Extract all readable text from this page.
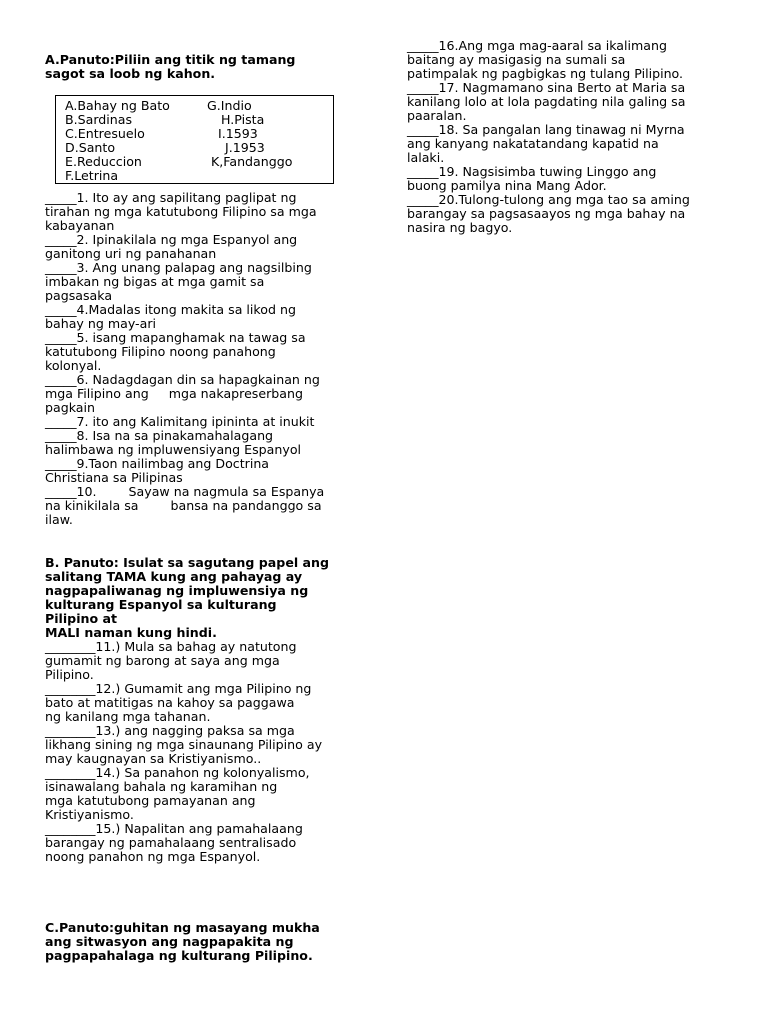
A.Panuto:Piliin ang titik ng tamang
sagot sa loob ng kahon.
A.Bahay ng Bato
B.Sardinas
C.Entresuelo
D.Santo
E.Reduccion
F.Letrina
G.Indio
H.Pista
I.1593
J.1953
K,Fandanggo
_____1. Ito ay ang sapilitang paglipat ng
tirahan ng mga katutubong Filipino sa mga
kabayanan
_____2. Ipinakilala ng mga Espanyol ang
ganitong uri ng panahanan
_____3. Ang unang palapag ang nagsilbing
imbakan ng bigas at mga gamit sa
pagsasaka
_____4.Madalas itong makita sa likod ng
bahay ng may-ari
_____5. isang mapanghamak na tawag sa
katutubong Filipino noong panahong
kolonyal.
_____6. Nadagdagan din sa hapagkainan ng
mga Filipino ang     mga nakapreserbang
pagkain
_____7. ito ang Kalimitang ipininta at inukit
_____8. Isa na sa pinakamahalagang
halimbawa ng impluwensiyang Espanyol
_____9.Taon nailimbag ang Doctrina
Christiana sa Pilipinas
_____10.        Sayaw na nagmula sa Espanya
na kinikilala sa        bansa na pandanggo sa
ilaw.
B. Panuto: Isulat sa sagutang papel ang
salitang TAMA kung ang pahayag ay
nagpapaliwanag ng impluwensiya ng
kulturang Espanyol sa kulturang
Pilipino at
MALI naman kung hindi.
________11.) Mula sa bahag ay natutong
gumamit ng barong at saya ang mga
Pilipino.
________12.) Gumamit ang mga Pilipino ng
bato at matitigas na kahoy sa paggawa
ng kanilang mga tahanan.
________13.) ang nagging paksa sa mga
likhang sining ng mga sinaunang Pilipino ay
may kaugnayan sa Kristiyanismo..
________14.) Sa panahon ng kolonyalismo,
isinawalang bahala ng karamihan ng
mga katutubong pamayanan ang
Kristiyanismo.
________15.) Napalitan ang pamahalaang
barangay ng pamahalaang sentralisado
noong panahon ng mga Espanyol.
C.Panuto:guhitan ng masayang mukha
ang sitwasyon ang nagpapakita ng
pagpapahalaga ng kulturang Pilipino.
_____16.Ang mga mag-aaral sa ikalimang
baitang ay masigasig na sumali sa
patimpalak ng pagbigkas ng tulang Pilipino.
_____17. Nagmamano sina Berto at Maria sa
kanilang lolo at lola pagdating nila galing sa
paaralan.
_____18. Sa pangalan lang tinawag ni Myrna
ang kanyang nakatatandang kapatid na
lalaki.
_____19. Nagsisimba tuwing Linggo ang
buong pamilya nina Mang Ador.
_____20.Tulong-tulong ang mga tao sa aming
barangay sa pagsasaayos ng mga bahay na
nasira ng bagyo.
